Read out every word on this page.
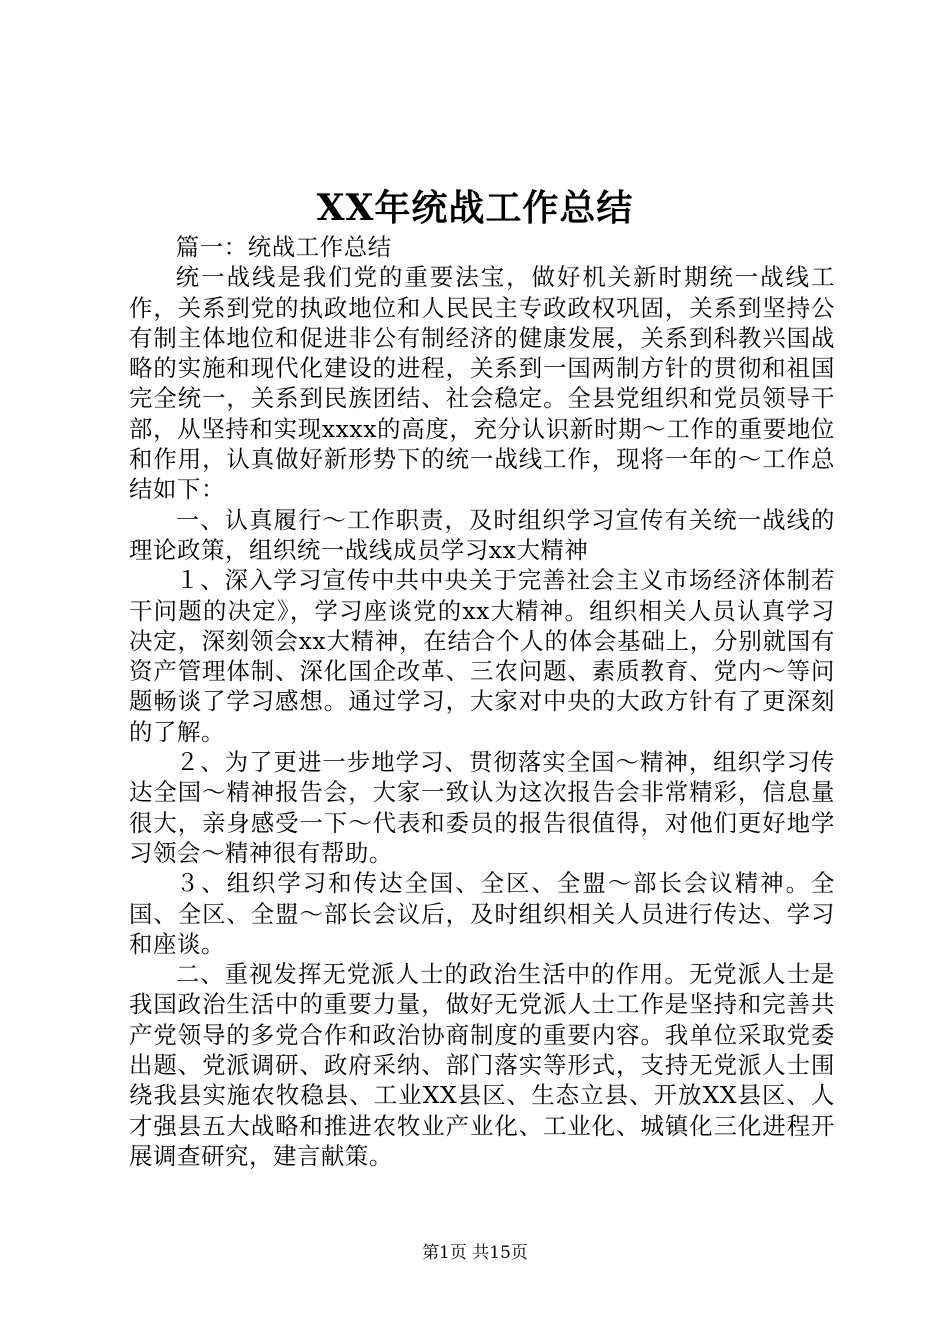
XX年统战工作总结

篇一：统战工作总结

统一战线是我们党的重要法宝，做好机关新时期统一战线工作，关系到党的执政地位和人民民主专政政权巩固，关系到坚持公有制主体地位和促进非公有制经济的健康发展，关系到科教兴国战略的实施和现代化建设的进程，关系到一国两制方针的贯彻和祖国完全统一，关系到民族团结、社会稳定。全县党组织和党员领导干部，从坚持和实现xxxx的高度，充分认识新时期～工作的重要地位和作用，认真做好新形势下的统一战线工作，现将一年的～工作总结如下：

一、认真履行～工作职责，及时组织学习宣传有关统一战线的理论政策，组织统一战线成员学习xx大精神

１、深入学习宣传中共中央关于完善社会主义市场经济体制若干问题的决定》，学习座谈党的xx大精神。组织相关人员认真学习决定，深刻领会xx大精神，在结合个人的体会基础上，分别就国有资产管理体制、深化国企改革、三农问题、素质教育、党内～等问题畅谈了学习感想。通过学习，大家对中央的大政方针有了更深刻的了解。

２、为了更进一步地学习、贯彻落实全国～精神，组织学习传达全国～精神报告会，大家一致认为这次报告会非常精彩，信息量很大，亲身感受一下～代表和委员的报告很值得，对他们更好地学习领会～精神很有帮助。

３、组织学习和传达全国、全区、全盟～部长会议精神。全国、全区、全盟～部长会议后，及时组织相关人员进行传达、学习和座谈。

二、重视发挥无党派人士的政治生活中的作用。无党派人士是我国政治生活中的重要力量，做好无党派人士工作是坚持和完善共产党领导的多党合作和政治协商制度的重要内容。我单位采取党委出题、党派调研、政府采纳、部门落实等形式，支持无党派人士围绕我县实施农牧稳县、工业XX县区、生态立县、开放XX县区、人才强县五大战略和推进农牧业产业化、工业化、城镇化三化进程开展调查研究，建言献策。

第1页 共15页
